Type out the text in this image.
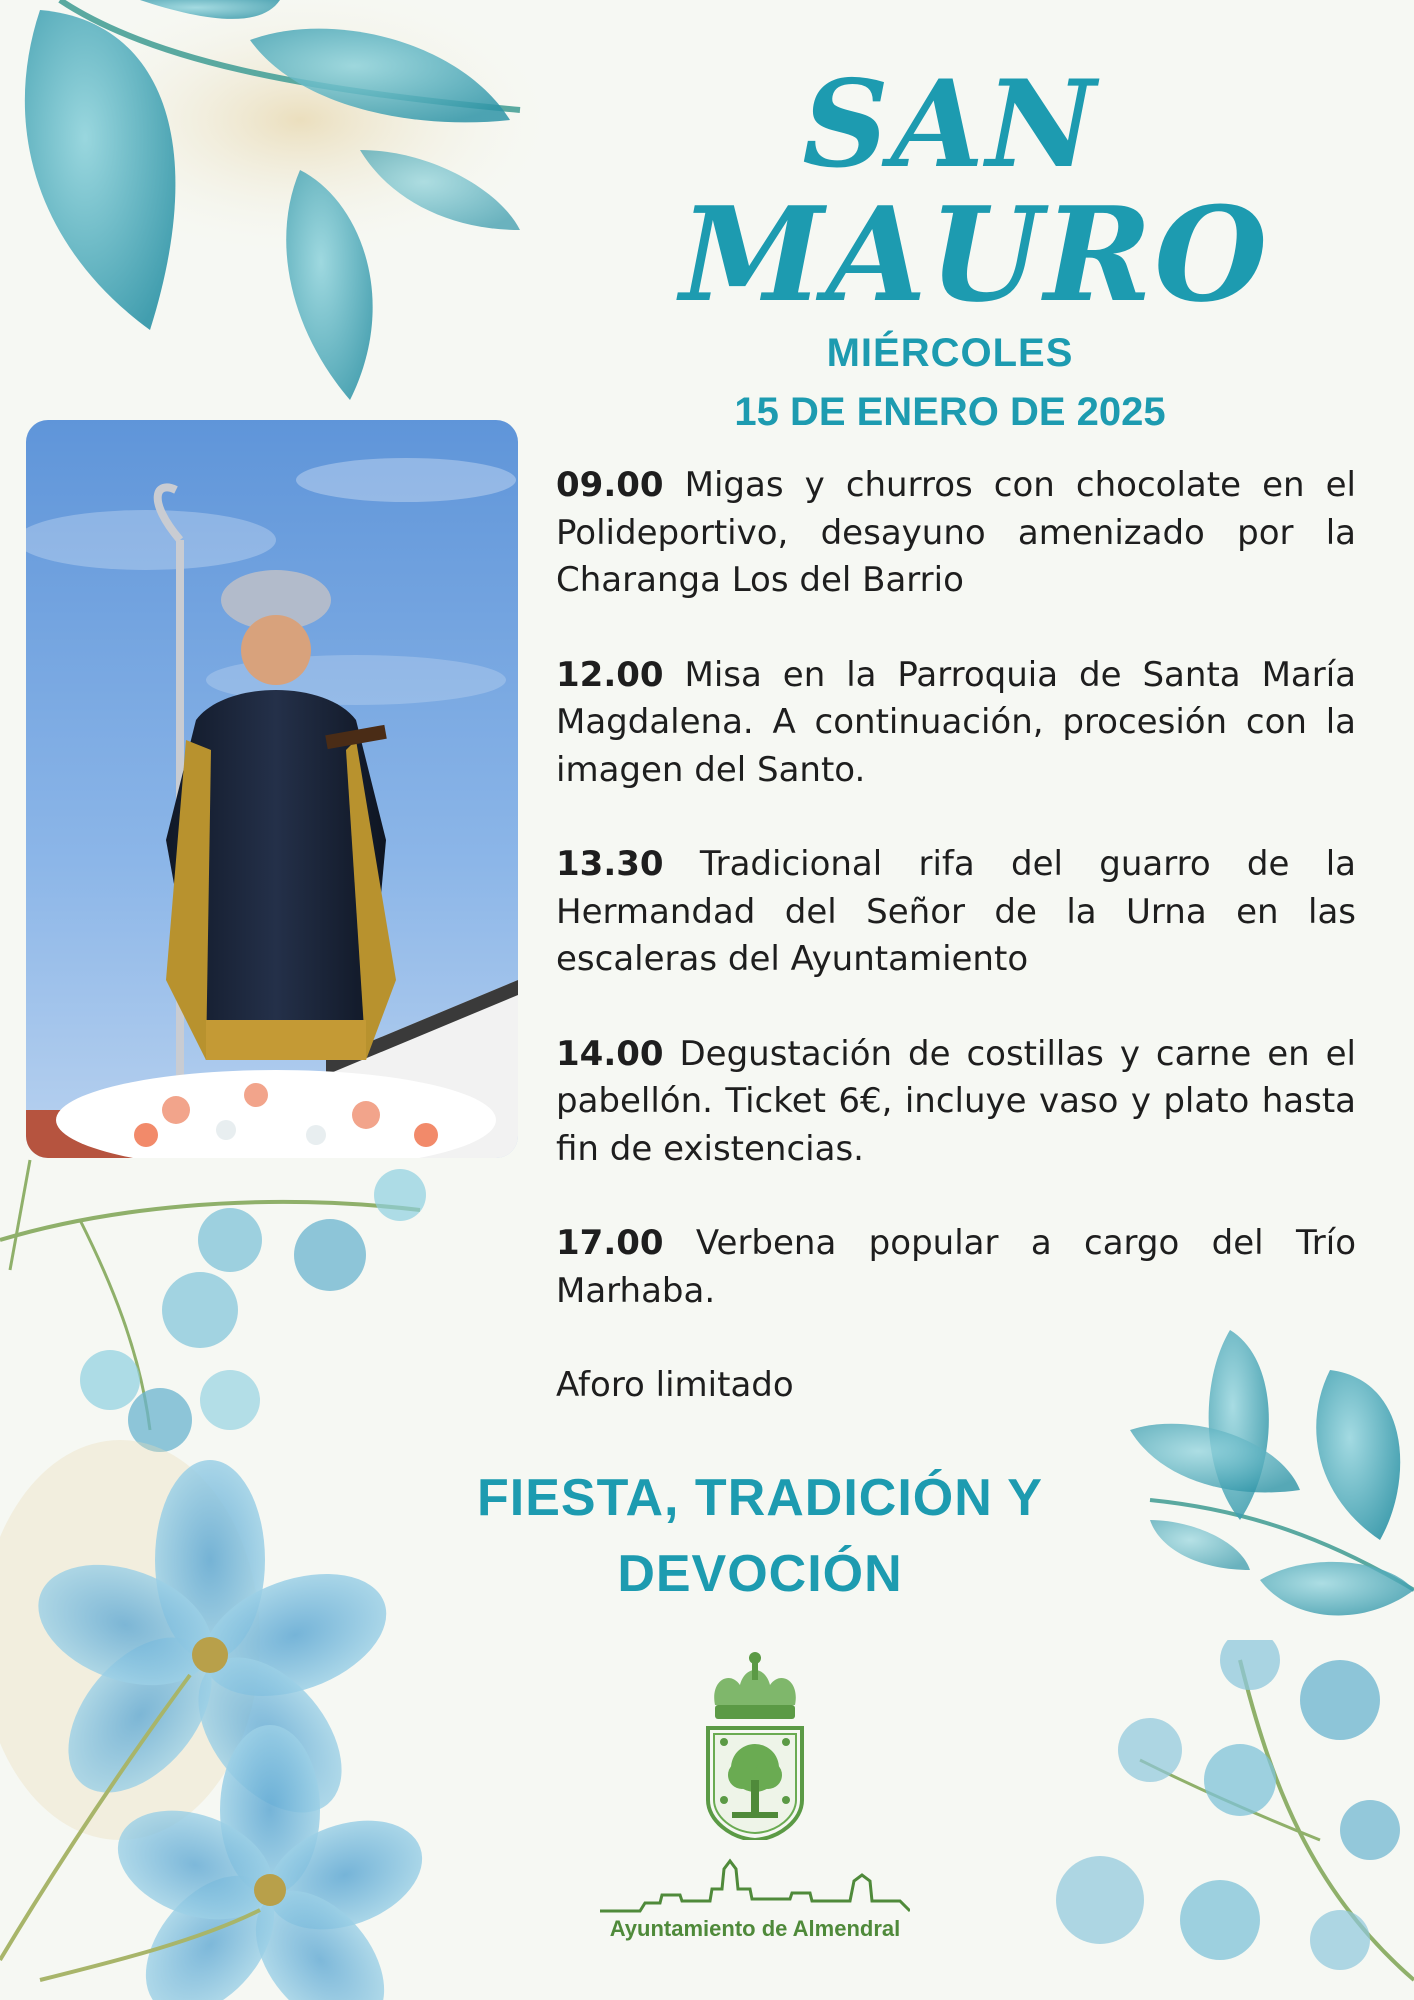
SAN
MAURO

MIÉRCOLES

15 DE ENERO DE 2025

09.00 Migas y churros con chocolate en el Polideportivo, desayuno amenizado por la Charanga Los del Barrio

12.00 Misa en la Parroquia de Santa María Magdalena. A continuación, procesión con la imagen del Santo.

13.30 Tradicional rifa del guarro de la Hermandad del Señor de la Urna en las escaleras del Ayuntamiento

14.00 Degustación de costillas y carne en el pabellón. Ticket 6€, incluye vaso y plato hasta fin de existencias.

17.00 Verbena popular a cargo del Trío Marhaba.

Aforo limitado

FIESTA, TRADICIÓN Y

DEVOCIÓN

Ayuntamiento de Almendral
